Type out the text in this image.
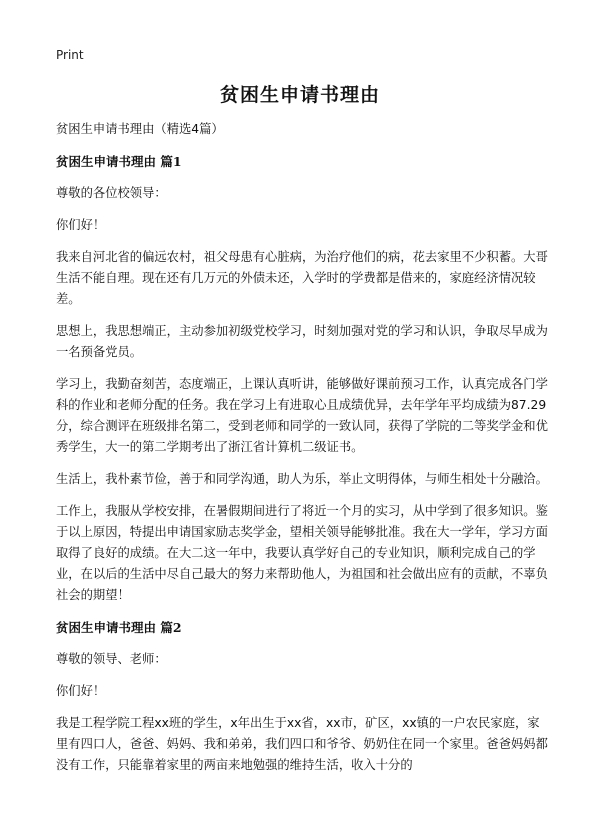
Print
贫困生申请书理由

贫困生申请书理由（精选4篇）

贫困生申请书理由 篇1

尊敬的各位校领导：

你们好！

我来自河北省的偏远农村，祖父母患有心脏病，为治疗他们的病，花去家里不少积蓄。大哥生活不能自理。现在还有几万元的外债未还，入学时的学费都是借来的，家庭经济情况较差。

思想上，我思想端正，主动参加初级党校学习，时刻加强对党的学习和认识，争取尽早成为一名预备党员。

学习上，我勤奋刻苦，态度端正，上课认真听讲，能够做好课前预习工作，认真完成各门学科的作业和老师分配的任务。我在学习上有进取心且成绩优异，去年学年平均成绩为87.29分，综合测评在班级排名第二，受到老师和同学的一致认同，获得了学院的二等奖学金和优秀学生，大一的第二学期考出了浙江省计算机二级证书。

生活上，我朴素节俭，善于和同学沟通，助人为乐，举止文明得体，与师生相处十分融洽。

工作上，我服从学校安排，在暑假期间进行了将近一个月的实习，从中学到了很多知识。鉴于以上原因，特提出申请国家励志奖学金，望相关领导能够批准。我在大一学年，学习方面取得了良好的成绩。在大二这一年中，我要认真学好自己的专业知识，顺利完成自己的学业，在以后的生活中尽自己最大的努力来帮助他人，为祖国和社会做出应有的贡献，不辜负社会的期望！

贫困生申请书理由 篇2

尊敬的领导、老师：

你们好！

我是工程学院工程xx班的学生，x年出生于xx省，xx市，矿区，xx镇的一户农民家庭，家里有四口人，爸爸、妈妈、我和弟弟，我们四口和爷爷、奶奶住在同一个家里。爸爸妈妈都没有工作，只能靠着家里的两亩来地勉强的维持生活，收入十分的
